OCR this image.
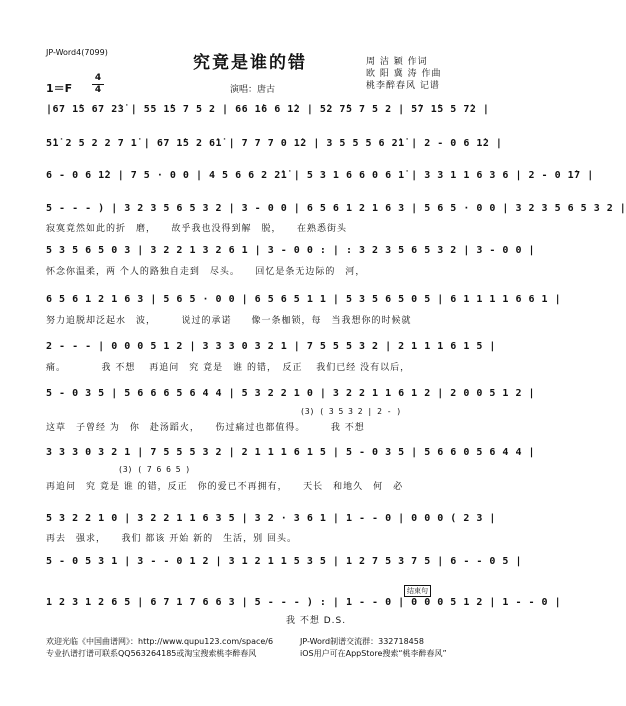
JP-Word4(7099)
究竟是谁的错	周 洁 颖 作词
欧 阳 冀 涛 作曲
桃李醉春风 记谱
1＝F
4
4	演唱：唐古
|67 1̇5 67 2̇3̇ | 55 1̇5 7 5 2 | 66 1̇6 6 1̇2 | 5̇2 7̇5 7 5 2 | 5̇7 1̇5 5 7̇2 |
5̇1̇ 2 5 2 2 7 1̇ | 67 1̇5 2 6̇1̇ | 7 7 7 0 1̇2 | 3 5 5 5 6 2̇1̇ | 2 - 0 6 1̇2 |
6 - 0 6 1̇2 | 7 5 · 0 0 | 4 5 6 6 2 2̇1̇ | 5 3 1 6 6 0 6 1̇ | 3 3 1 1 6 3 6 | 2 - 0 1̇7 |
5 - - - ) | 3 2 3 5 6 5 3 2 | 3 - 0 0 | 6 5 6 1 2 1 6 3 | 5 6 5 · 0 0 | 3 2 3 5 6 5 3 2 |
寂寞竟然如此的折　磨，　　故乎我也没得到解　脱，　　在熟悉街头
5 3 5 6 5 0 3 | 3 2 2 1 3 2 6 1 | 3 - 0 0 : | : 3 2 3 5 6 5 3 2 | 3 - 0 0 |
怀念你温柔，两 个人的路独自走到　尽头。　　回忆是条无边际的　河，
6 5 6 1 2 1 6 3 | 5 6 5 · 0 0 | 6 5 6 5 1 1 | 5 3 5 6 5 0 5 | 6 1 1 1 1 6 6 1 |
努力追脱却泛起水　波，　　　说过的承诺　　像一条枷锁，每　当我想你的时候就
2 - - - | 0 0 0 5 1 2 | 3 3 3 0 3 2 1 | 7 5 5 5 3 2 | 2 1 1 1 6 1 5 |
痛。　　　　我 不想　 再追问　究 竟是　谁 的错，　反正　 我们已经 没有以后，
5 - 0 3 5 | 5 6 6 6 5 6 4 4 | 5 3 2 2 1 0 | 3 2 2 1 1 6 1 2 | 2 0 0 5 1 2 |
(3) ( 3 5 3 2 | 2 - )
这草　子曾经 为　你　赴汤蹈火，　　伤过痛过也都值得。　　　我 不想
3 3 3 0 3 2 1 | 7 5 5 5 3 2 | 2 1 1 1 6 1 5 | 5 - 0 3 5 | 5 6 6 0 5 6 4 4 |
(3) ( 7 6 6 5 )
再追问　究 竟是 谁 的错，反正　你的爱已不再拥有，　　天长　和地久　何　必
5 3 2 2 1 0 | 3 2 2 1 1 6 3 5 | 3 2 · 3 6 1 | 1 - - 0 | 0 0 0 ( 2 3 |
再去　强求，　　我们 都该 开始 新的　生活，别 回头。
5 - 0 5 3 1 | 3 - - 0 1 2 | 3 1 2 1 1 5 3 5 | 1 2 7 5 3 7 5 | 6 - - 0 5 |
结束句
1 2 3 1 2 6 5 | 6 7 1 7 6 6 3 | 5 - - - ) : | 1 - - 0 | 0 0 0 5 1 2 | 1 - - 0 |
　　　　　　　　　　　　　　　　　　　　　　　　我 不想 D.S.
欢迎光临《中国曲谱网》：http://www.qupu123.com/space/6
专业扒谱打谱可联系QQ563264185或淘宝搜索桃李醉春风
JP-Word制谱交流群：332718458
iOS用户可在AppStore搜索“桃李醉春风”
